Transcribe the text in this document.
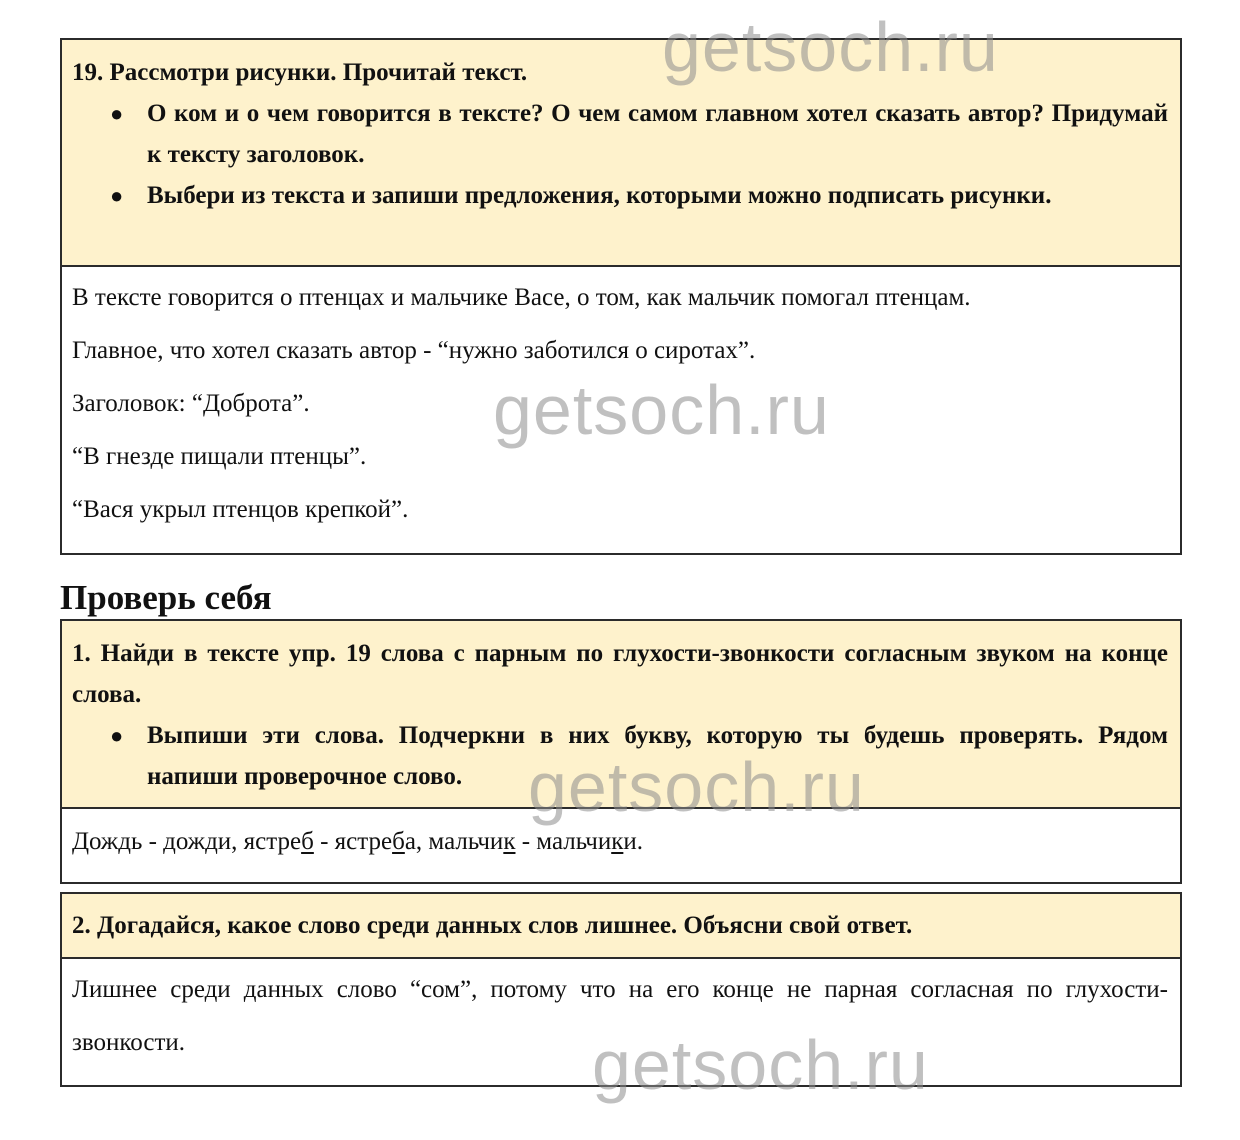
19. Рассмотри рисунки. Прочитай текст.
● О ком и о чем говорится в тексте? О чем самом главном хотел сказать автор? Придумай к тексту заголовок.
● Выбери из текста и запиши предложения, которыми можно подписать рисунки.
В тексте говорится о птенцах и мальчике Васе, о том, как мальчик помогал птенцам.
Главное, что хотел сказать автор - “нужно заботился о сиротах”.
Заголовок: “Доброта”.
“В гнезде пищали птенцы”.
“Вася укрыл птенцов крепкой”.
Проверь себя
1. Найди в тексте упр. 19 слова с парным по глухости-звонкости согласным звуком на конце слова.
● Выпиши эти слова. Подчеркни в них букву, которую ты будешь проверять. Рядом напиши проверочное слово.
Дождь - дожди, ястреб - ястреба, мальчик - мальчики.
2. Догадайся, какое слово среди данных слов лишнее. Объясни свой ответ.
Лишнее среди данных слово “сом”, потому что на его конце не парная согласная по глухости-звонкости.
getsoch.ru
getsoch.ru
getsoch.ru
getsoch.ru
